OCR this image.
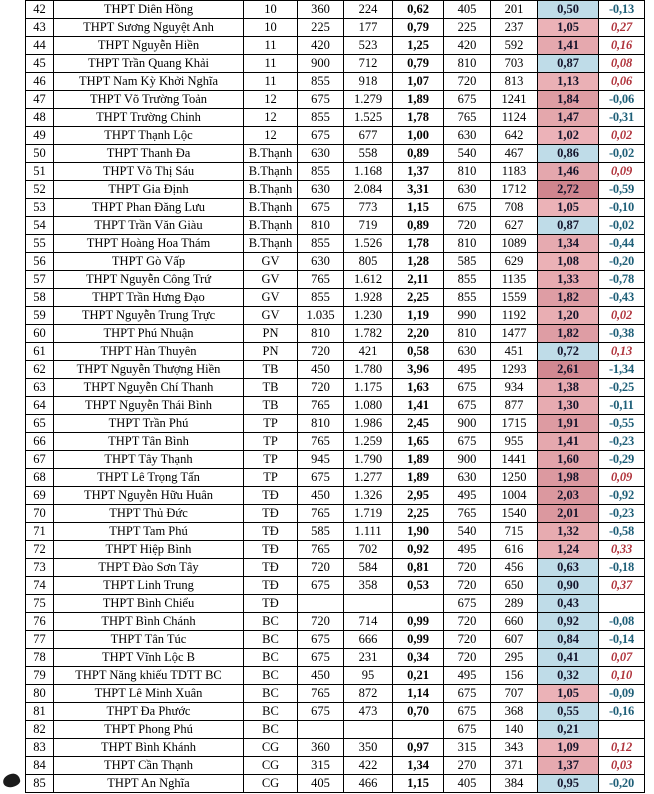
42	THPT Diên Hồng	10	360	224	0,62	405	201	0,50	-0,13
43	THPT Sương Nguyệt Anh	10	225	177	0,79	225	237	1,05	0,27
44	THPT Nguyễn Hiền	11	420	523	1,25	420	592	1,41	0,16
45	THPT Trần Quang Khải	11	900	712	0,79	810	703	0,87	0,08
46	THPT Nam Kỳ Khởi Nghĩa	11	855	918	1,07	720	813	1,13	0,06
47	THPT Võ Trường Toản	12	675	1.279	1,89	675	1241	1,84	-0,06
48	THPT Trường Chinh	12	855	1.525	1,78	765	1124	1,47	-0,31
49	THPT Thạnh Lộc	12	675	677	1,00	630	642	1,02	0,02
50	THPT Thanh Đa	B.Thạnh	630	558	0,89	540	467	0,86	-0,02
51	THPT Võ Thị Sáu	B.Thạnh	855	1.168	1,37	810	1183	1,46	0,09
52	THPT Gia Định	B.Thạnh	630	2.084	3,31	630	1712	2,72	-0,59
53	THPT Phan Đăng Lưu	B.Thạnh	675	773	1,15	675	708	1,05	-0,10
54	THPT Trần Văn Giàu	B.Thạnh	810	719	0,89	720	627	0,87	-0,02
55	THPT Hoàng Hoa Thám	B.Thạnh	855	1.526	1,78	810	1089	1,34	-0,44
56	THPT Gò Vấp	GV	630	805	1,28	585	629	1,08	-0,20
57	THPT Nguyễn Công Trứ	GV	765	1.612	2,11	855	1135	1,33	-0,78
58	THPT Trần Hưng Đạo	GV	855	1.928	2,25	855	1559	1,82	-0,43
59	THPT Nguyễn Trung Trực	GV	1.035	1.230	1,19	990	1192	1,20	0,02
60	THPT Phú Nhuận	PN	810	1.782	2,20	810	1477	1,82	-0,38
61	THPT Hàn Thuyên	PN	720	421	0,58	630	451	0,72	0,13
62	THPT Nguyễn Thượng Hiền	TB	450	1.780	3,96	495	1293	2,61	-1,34
63	THPT Nguyễn Chí Thanh	TB	720	1.175	1,63	675	934	1,38	-0,25
64	THPT Nguyễn Thái Bình	TB	765	1.080	1,41	675	877	1,30	-0,11
65	THPT Trần Phú	TP	810	1.986	2,45	900	1715	1,91	-0,55
66	THPT Tân Bình	TP	765	1.259	1,65	675	955	1,41	-0,23
67	THPT Tây Thạnh	TP	945	1.790	1,89	900	1441	1,60	-0,29
68	THPT Lê Trọng Tấn	TP	675	1.277	1,89	630	1250	1,98	0,09
69	THPT Nguyễn Hữu Huân	TĐ	450	1.326	2,95	495	1004	2,03	-0,92
70	THPT Thủ Đức	TĐ	765	1.719	2,25	765	1540	2,01	-0,23
71	THPT Tam Phú	TĐ	585	1.111	1,90	540	715	1,32	-0,58
72	THPT Hiệp Bình	TĐ	765	702	0,92	495	616	1,24	0,33
73	THPT Đào Sơn Tây	TĐ	720	584	0,81	720	456	0,63	-0,18
74	THPT Linh Trung	TĐ	675	358	0,53	720	650	0,90	0,37
75	THPT Bình Chiểu	TĐ				675	289	0,43	
76	THPT Bình Chánh	BC	720	714	0,99	720	660	0,92	-0,08
77	THPT Tân Túc	BC	675	666	0,99	720	607	0,84	-0,14
78	THPT Vĩnh Lộc B	BC	675	231	0,34	720	295	0,41	0,07
79	THPT Năng khiếu TDTT BC	BC	450	95	0,21	495	156	0,32	0,10
80	THPT Lê Minh Xuân	BC	765	872	1,14	675	707	1,05	-0,09
81	THPT Đa Phước	BC	675	473	0,70	675	368	0,55	-0,16
82	THPT Phong Phú	BC				675	140	0,21	
83	THPT Bình Khánh	CG	360	350	0,97	315	343	1,09	0,12
84	THPT Cần Thạnh	CG	315	422	1,34	270	371	1,37	0,03
85	THPT An Nghĩa	CG	405	466	1,15	405	384	0,95	-0,20
